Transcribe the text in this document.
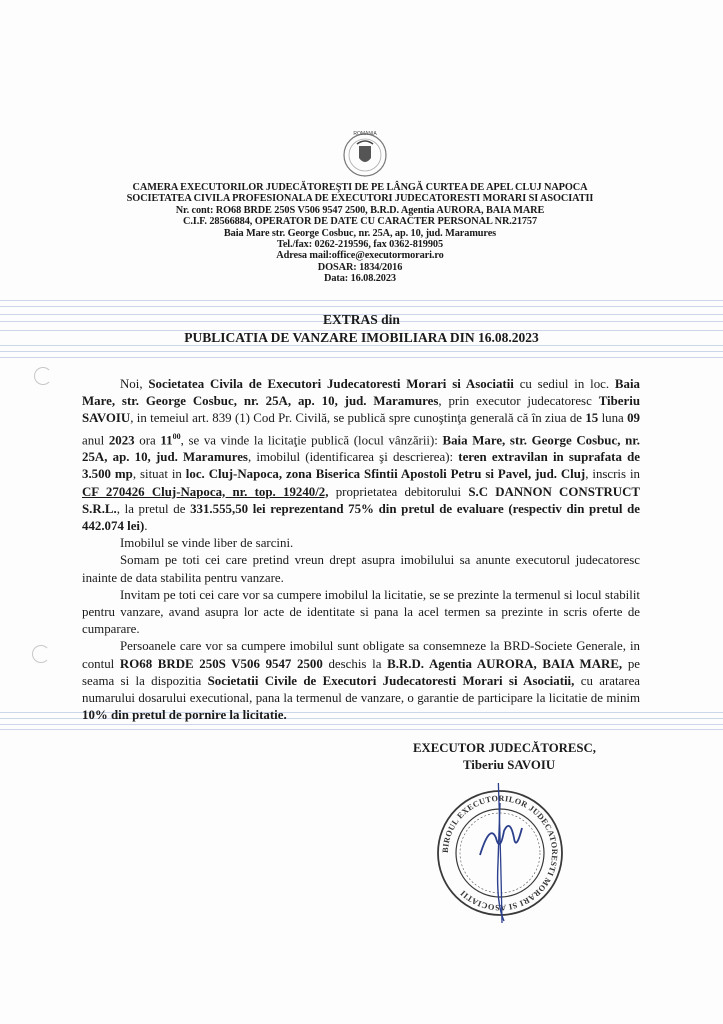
ROMANIA
CAMERA EXECUTORILOR JUDECĂTOREŞTI DE PE LÂNGĂ CURTEA DE APEL CLUJ NAPOCA
SOCIETATEA CIVILA PROFESIONALA DE EXECUTORI JUDECATORESTI MORARI SI ASOCIATII
Nr. cont: RO68 BRDE 250S V506 9547 2500, B.R.D. Agentia AURORA, BAIA MARE
C.I.F. 28566884, OPERATOR DE DATE CU CARACTER PERSONAL NR.21757
Baia Mare str. George Cosbuc, nr. 25A, ap. 10, jud. Maramures
Tel./fax: 0262-219596, fax 0362-819905
Adresa mail:office@executormorari.ro
DOSAR: 1834/2016
Data: 16.08.2023
EXTRAS din
PUBLICATIA DE VANZARE IMOBILIARA DIN 16.08.2023

Noi, Societatea Civila de Executori Judecatoresti Morari si Asociatii cu sediul in loc. Baia Mare, str. George Cosbuc, nr. 25A, ap. 10, jud. Maramures, prin executor judecatoresc Tiberiu SAVOIU, in temeiul art. 839 (1) Cod Pr. Civilă, se publică spre cunoştinţa generală că în ziua de 15 luna 09 anul 2023 ora $11^{00}$, se va vinde la licitaţie publică (locul vânzării): Baia Mare, str. George Cosbuc, nr. 25A, ap. 10, jud. Maramures, imobilul (identificarea şi descrierea): teren extravilan in suprafata de 3.500 mp, situat in loc. Cluj-Napoca, zona Biserica Sfintii Apostoli Petru si Pavel, jud. Cluj, inscris in CF 270426 Cluj-Napoca, nr. top. 19240/2, proprietatea debitorului S.C DANNON CONSTRUCT S.R.L., la pretul de 331.555,50 lei reprezentand 75% din pretul de evaluare (respectiv din pretul de 442.074 lei).

Imobilul se vinde liber de sarcini.

Somam pe toti cei care pretind vreun drept asupra imobilului sa anunte executorul judecatoresc inainte de data stabilita pentru vanzare.

Invitam pe toti cei care vor sa cumpere imobilul la licitatie, se se prezinte la termenul si locul stabilit pentru vanzare, avand asupra lor acte de identitate si pana la acel termen sa prezinte in scris oferte de cumparare.

Persoanele care vor sa cumpere imobilul sunt obligate sa consemneze la BRD-Societe Generale, in contul RO68 BRDE 250S V506 9547 2500 deschis la B.R.D. Agentia AURORA, BAIA MARE, pe seama si la dispozitia Societatii Civile de Executori Judecatoresti Morari si Asociatii, cu aratarea numarului dosarului executional, pana la termenul de vanzare, o garantie de participare la licitatie de minim 10% din pretul de pornire la licitatie.

EXECUTOR JUDECĂTORESC,
Tiberiu SAVOIU
BIROUL EXECUTORILOR JUDECATORESTI MORARI SI ASOCIATII
